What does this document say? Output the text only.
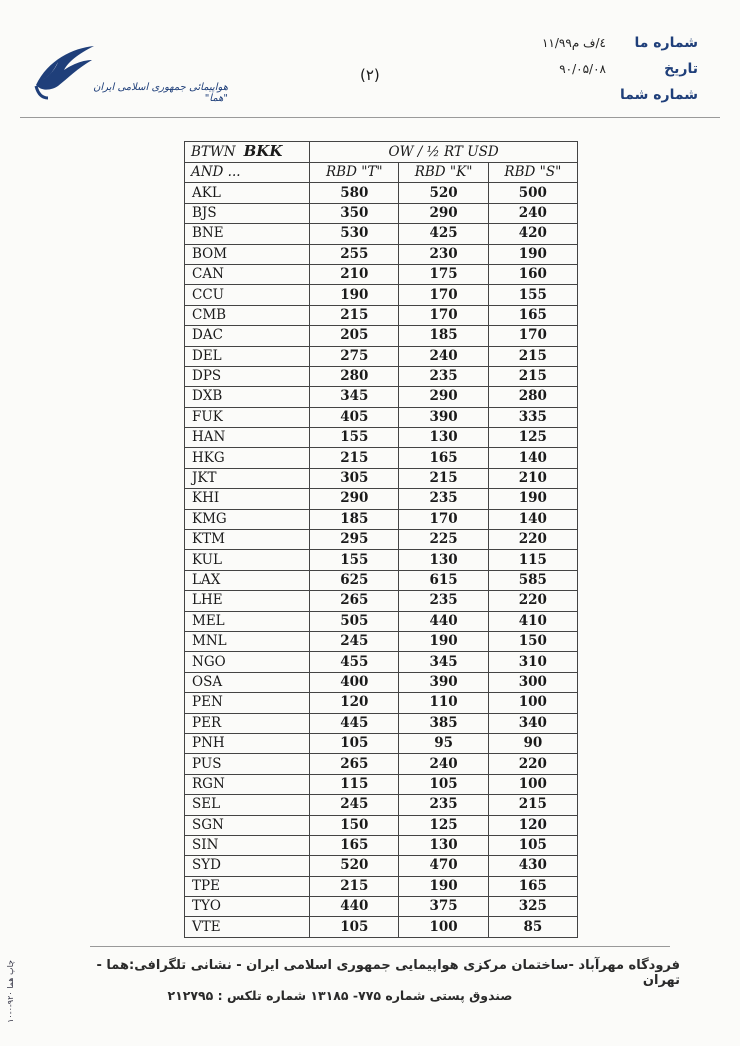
هواپیمائی جمهوری اسلامی ایران "هما"
(۲)
شماره ما
۱۱/۹۹٤/ف م
تاریخ
۹۰/۰۵/۰۸
شماره شما
BTWN BKK	OW / ½ RT USD		
AND ...	RBD "T"	RBD "K"	RBD "S"
AKL	580	520	500
BJS	350	290	240
BNE	530	425	420
BOM	255	230	190
CAN	210	175	160
CCU	190	170	155
CMB	215	170	165
DAC	205	185	170
DEL	275	240	215
DPS	280	235	215
DXB	345	290	280
FUK	405	390	335
HAN	155	130	125
HKG	215	165	140
JKT	305	215	210
KHI	290	235	190
KMG	185	170	140
KTM	295	225	220
KUL	155	130	115
LAX	625	615	585
LHE	265	235	220
MEL	505	440	410
MNL	245	190	150
NGO	455	345	310
OSA	400	390	300
PEN	120	110	100
PER	445	385	340
PNH	105	95	90
PUS	265	240	220
RGN	115	105	100
SEL	245	235	215
SGN	150	125	120
SIN	165	130	105
SYD	520	470	430
TPE	215	190	165
TYO	440	375	325
VTE	105	100	85
فرودگاه مهرآباد -ساختمان مرکزی هواپیمایی جمهوری اسلامی ایران - نشانی تلگرافی:هما - تهران
صندوق پستی شماره ۷۷۵- ۱۳۱۸۵ شماره تلکس : ۲۱۲۷۹۵
۱۰-۰-۹۲۰ چاپ هما
